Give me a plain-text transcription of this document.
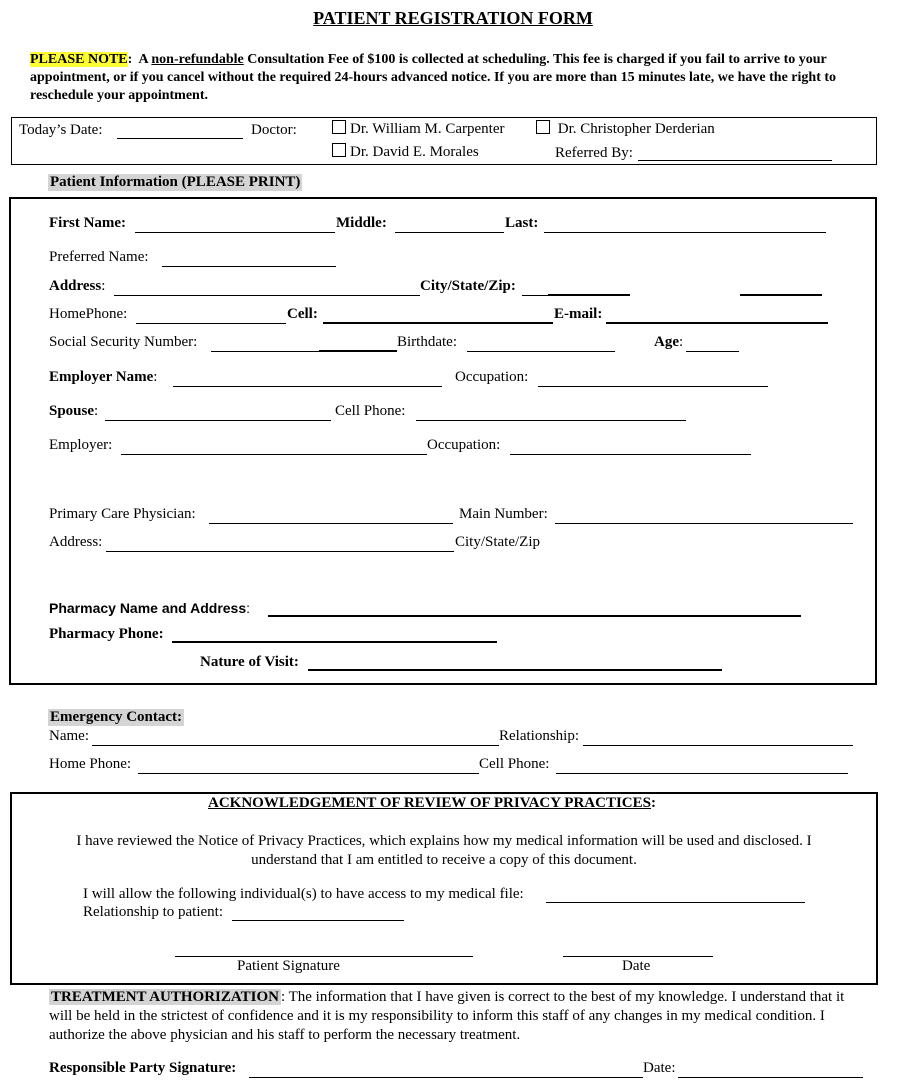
PATIENT REGISTRATION FORM
PLEASE NOTE: A non-refundable Consultation Fee of $100 is collected at scheduling. This fee is charged if you fail to arrive to your appointment, or if you cancel without the required 24-hours advanced notice. If you are more than 15 minutes late, we have the right to reschedule your appointment.
Today’s Date:	Doctor:	Dr. William M. Carpenter	Dr. Christopher Derderian
Dr. David E. Morales	Referred By:
Patient Information (PLEASE PRINT)
First Name:	Middle:	Last:
Preferred Name:
Address:	City/State/Zip:
HomePhone:	Cell:	E-mail:
Social Security Number:	Birthdate:	Age:
Employer Name:	Occupation:
Spouse:	Cell Phone:
Employer:	Occupation:
Primary Care Physician:	Main Number:
Address:	City/State/Zip
Pharmacy Name and Address:
Pharmacy Phone:
Nature of Visit:
Emergency Contact:
Name:	Relationship:
Home Phone:	Cell Phone:
ACKNOWLEDGEMENT OF REVIEW OF PRIVACY PRACTICES:
I have reviewed the Notice of Privacy Practices, which explains how my medical information will be used and disclosed. I understand that I am entitled to receive a copy of this document.
I will allow the following individual(s) to have access to my medical file:
Relationship to patient:
Patient Signature	Date
TREATMENT AUTHORIZATION : The information that I have given is correct to the best of my knowledge. I understand that it will be held in the strictest of confidence and it is my responsibility to inform this staff of any changes in my medical condition. I authorize the above physician and his staff to perform the necessary treatment.
Responsible Party Signature:	Date:
